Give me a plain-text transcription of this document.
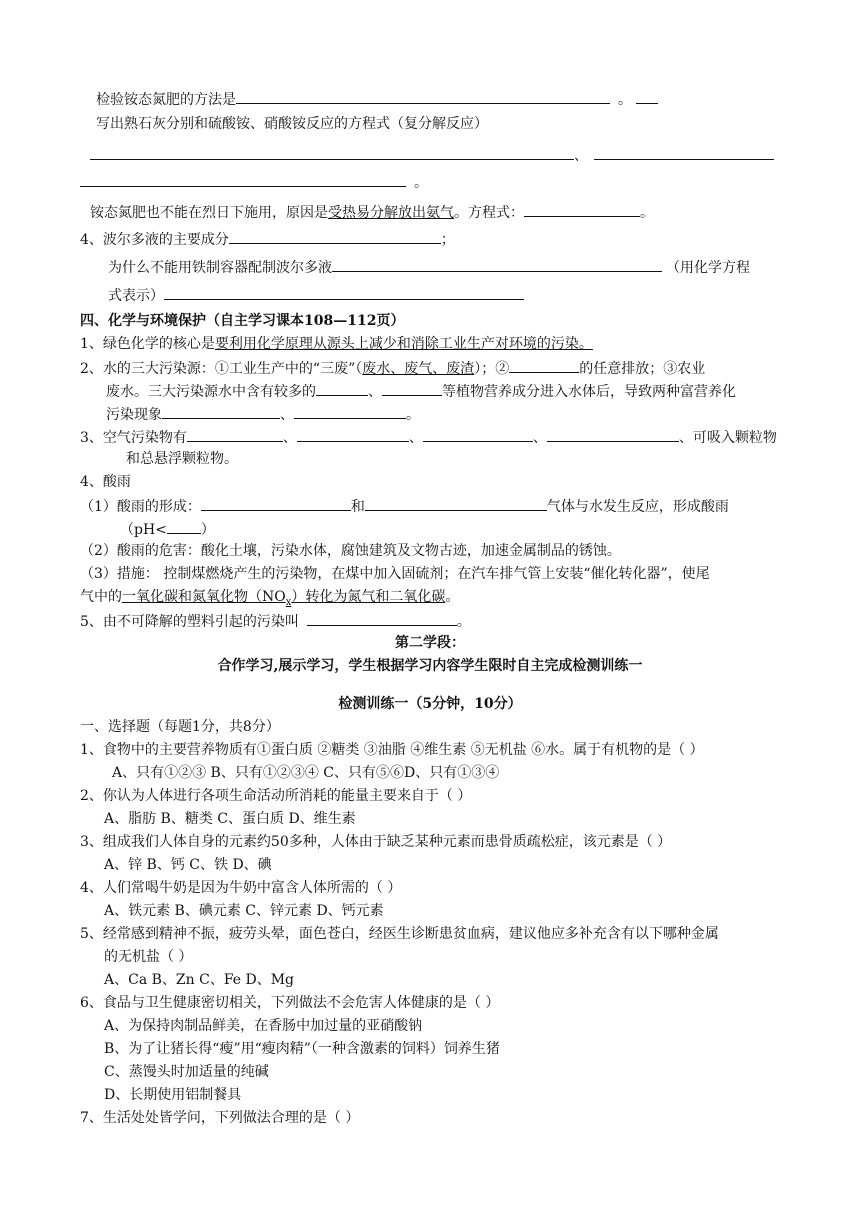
检验铵态氮肥的方法是	。
写出熟石灰分别和硫酸铵、硝酸铵反应的方程式（复分解反应）
、
。
铵态氮肥也不能在烈日下施用，原因是受热易分解放出氨气。方程式：	。
4、波尔多液的主要成分	；
为什么不能用铁制容器配制波尔多液	（用化学方程
式表示）
四、化学与环境保护（自主学习课本108—112页）
1、绿色化学的核心是要利用化学原理从源头上减少和消除工业生产对环境的污染。
2、水的三大污染源：①工业生产中的“三废”（废水、废气、废渣）；②	的任意排放；③农业
废水。三大污染源水中含有较多的	、	等植物营养成分进入水体后，导致两种富营养化
污染现象	、	。
3、空气污染物有	、	、	、	、可吸入颗粒物
和总悬浮颗粒物。
4、酸雨
（1）酸雨的形成：	和	气体与水发生反应，形成酸雨
（pH< ）
（2）酸雨的危害：酸化土壤，污染水体，腐蚀建筑及文物古迹，加速金属制品的锈蚀。
（3）措施： 控制煤燃烧产生的污染物，在煤中加入固硫剂；在汽车排气管上安装“催化转化器”，使尾
气中的一氧化碳和氮氧化物$(NO_x)$转化为氮气和二氧化碳。
5、由不可降解的塑料引起的污染叫	。
第二学段：
合作学习,展示学习，学生根据学习内容学生限时自主完成检测训练一
检测训练一（5分钟，10分）
一、选择题（每题1分，共8分）
1、食物中的主要营养物质有①蛋白质 ②糖类 ③油脂 ④维生素 ⑤无机盐 ⑥水。属于有机物的是（ ）
A、只有①②③ B、只有①②③④ C、只有⑤⑥D、只有①③④
2、你认为人体进行各项生命活动所消耗的能量主要来自于（ ）
A、脂肪 B、糖类 C、蛋白质 D、维生素
3、组成我们人体自身的元素约50多种，人体由于缺乏某种元素而患骨质疏松症，该元素是（ ）
A、锌 B、钙 C、铁 D、碘
4、人们常喝牛奶是因为牛奶中富含人体所需的（ ）
A、铁元素 B、碘元素 C、锌元素 D、钙元素
5、经常感到精神不振，疲劳头晕，面色苍白，经医生诊断患贫血病，建议他应多补充含有以下哪种金属
的无机盐（ ）
A、Ca B、Zn C、Fe D、Mg
6、食品与卫生健康密切相关，下列做法不会危害人体健康的是（ ）
A、为保持肉制品鲜美，在香肠中加过量的亚硝酸钠
B、为了让猪长得“瘦”用“瘦肉精”（一种含激素的饲料）饲养生猪
C、蒸馒头时加适量的纯碱
D、长期使用铝制餐具
7、生活处处皆学问，下列做法合理的是（ ）
